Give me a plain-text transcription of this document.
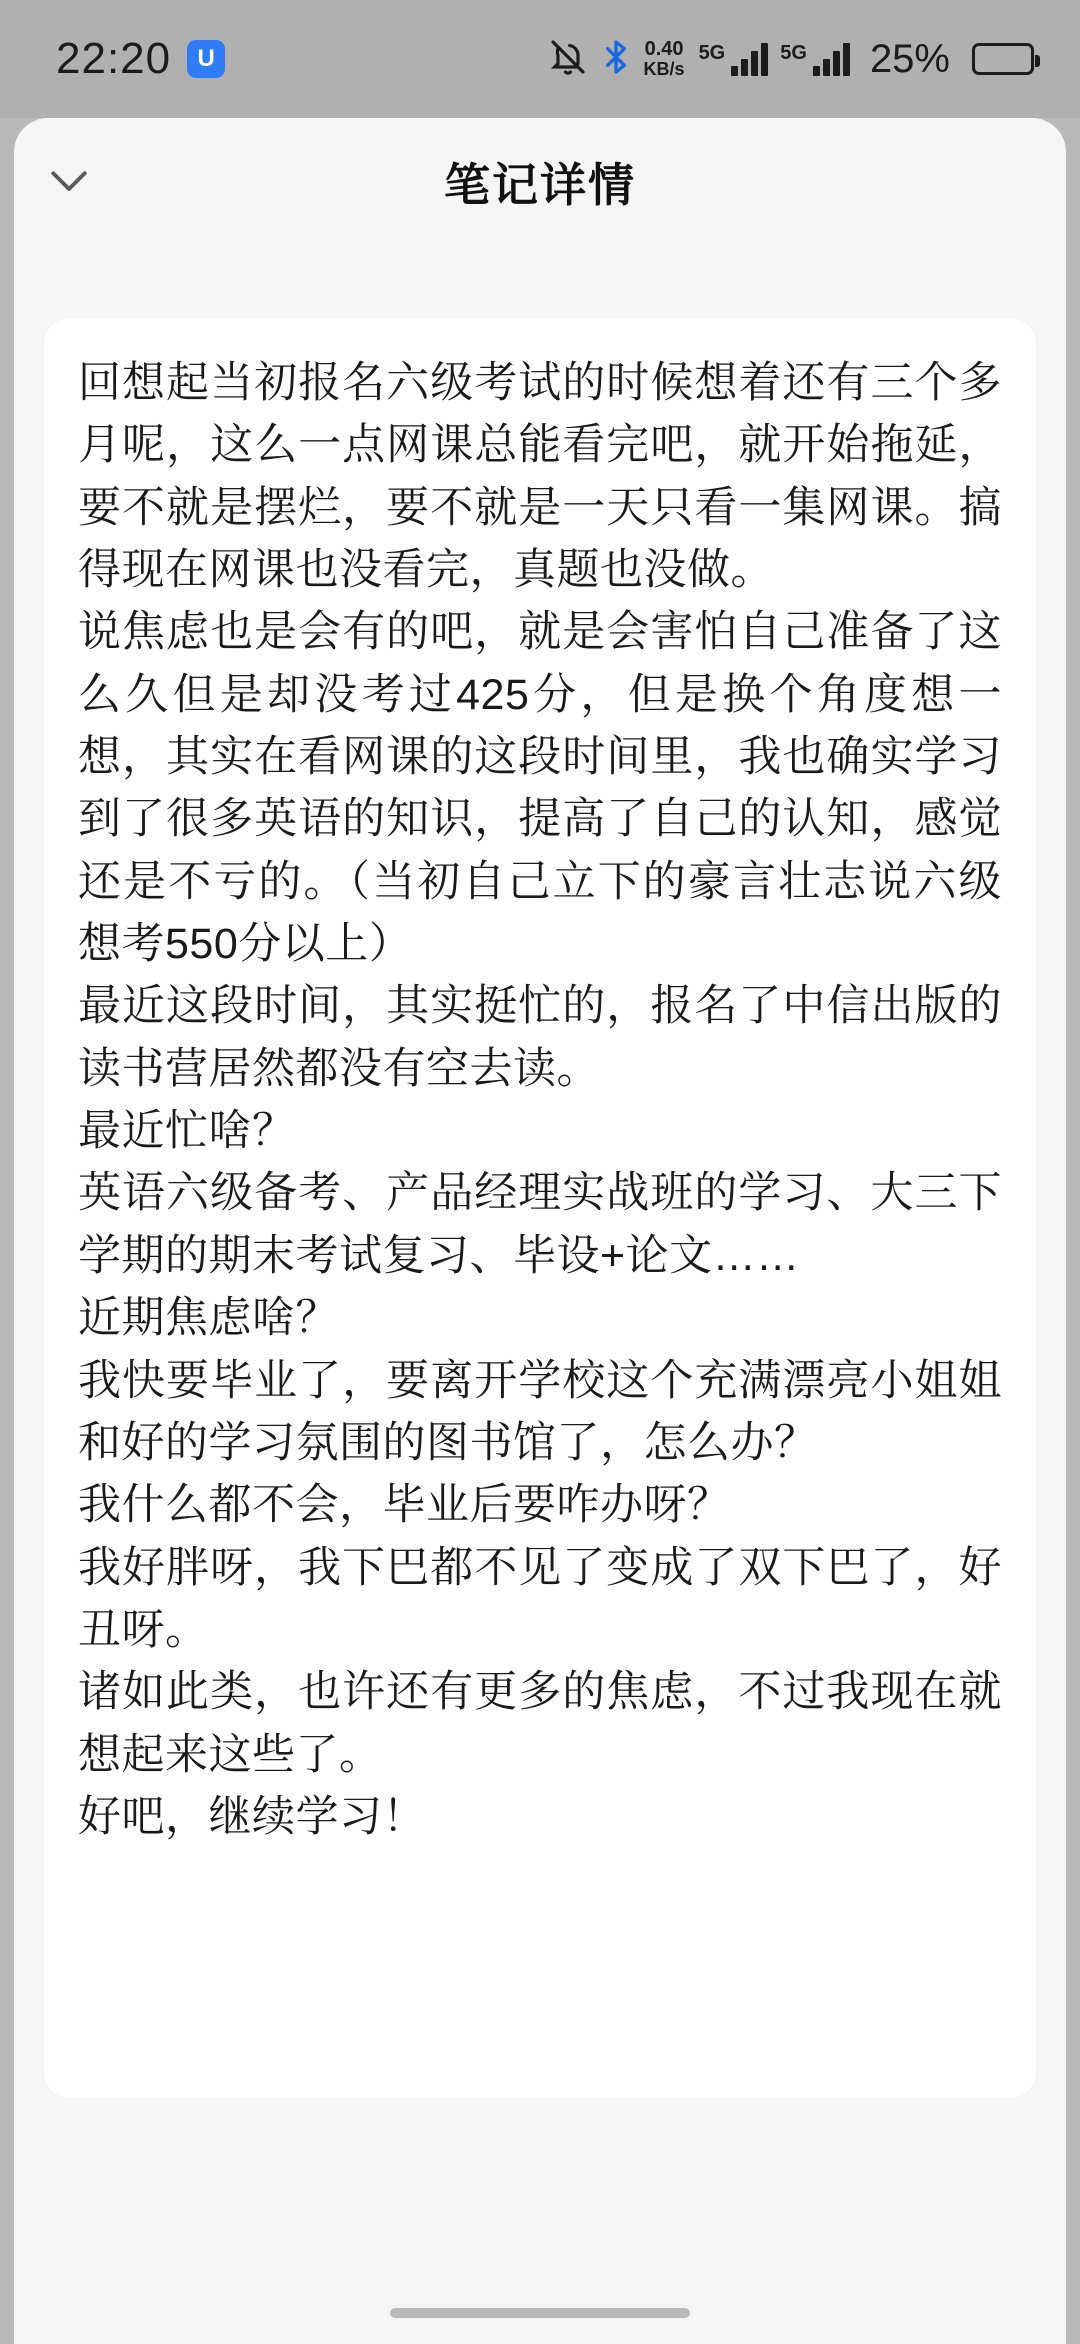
22:20	U	0.40
KB/s
5G	5G 25%
笔记详情

回想起当初报名六级考试的时候想着还有三个多月呢，这么一点网课总能看完吧，就开始拖延，要不就是摆烂，要不就是一天只看一集网课。搞得现在网课也没看完，真题也没做。

说焦虑也是会有的吧，就是会害怕自己准备了这么久但是却没考过425分，但是换个角度想一想，其实在看网课的这段时间里，我也确实学习到了很多英语的知识，提高了自己的认知，感觉还是不亏的。（当初自己立下的豪言壮志说六级想考550分以上）

最近这段时间，其实挺忙的，报名了中信出版的读书营居然都没有空去读。

最近忙啥？

英语六级备考、产品经理实战班的学习、大三下学期的期末考试复习、毕设+论文……

近期焦虑啥？

我快要毕业了，要离开学校这个充满漂亮小姐姐和好的学习氛围的图书馆了，怎么办？

我什么都不会，毕业后要咋办呀？

我好胖呀，我下巴都不见了变成了双下巴了，好丑呀。

诸如此类，也许还有更多的焦虑，不过我现在就想起来这些了。

好吧，继续学习！
